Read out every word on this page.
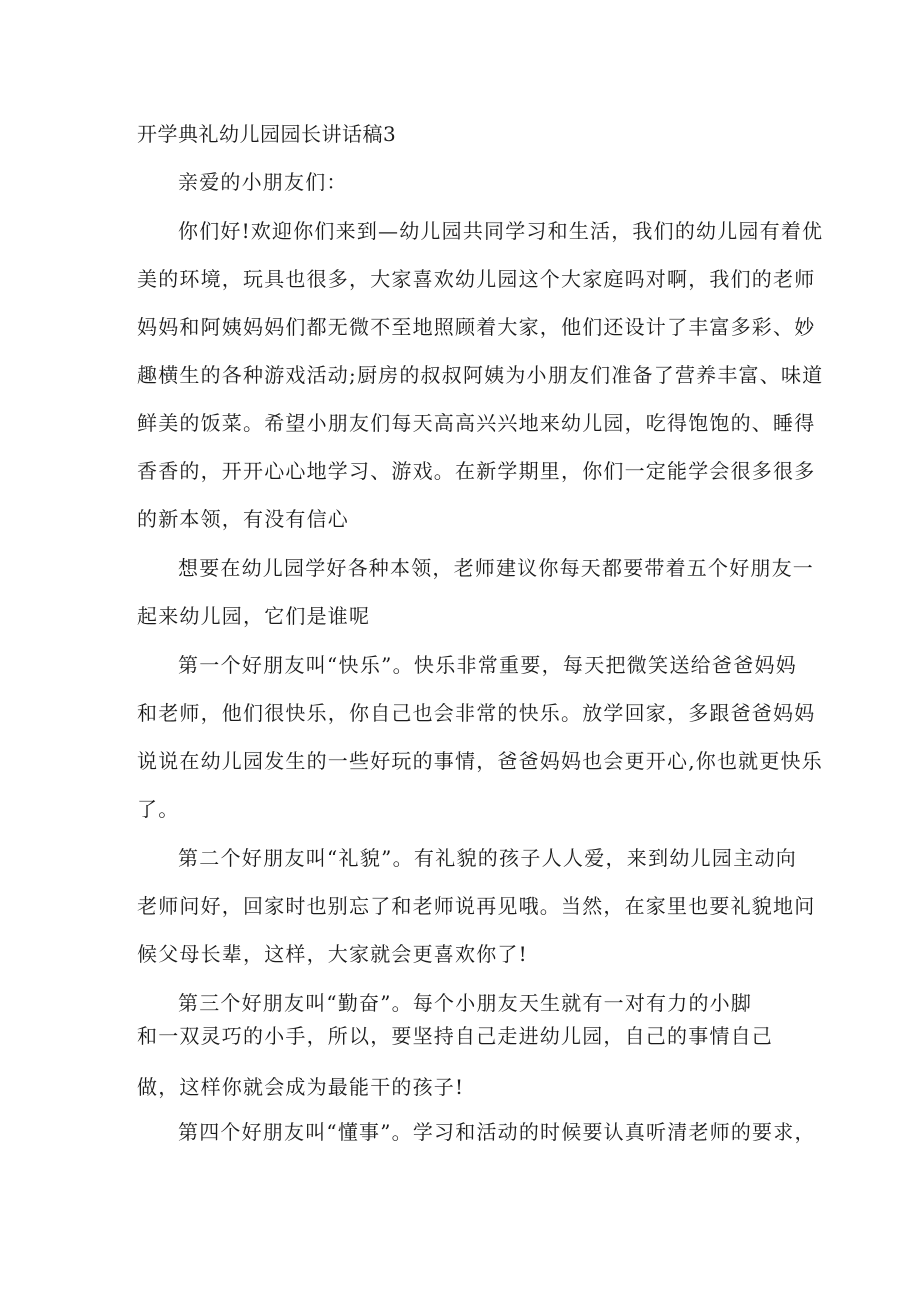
开学典礼幼儿园园长讲话稿3
亲爱的小朋友们：
你们好!欢迎你们来到—幼儿园共同学习和生活，我们的幼儿园有着优
美的环境，玩具也很多，大家喜欢幼儿园这个大家庭吗对啊，我们的老师
妈妈和阿姨妈妈们都无微不至地照顾着大家，他们还设计了丰富多彩、妙
趣横生的各种游戏活动;厨房的叔叔阿姨为小朋友们准备了营养丰富、味道
鲜美的饭菜。希望小朋友们每天高高兴兴地来幼儿园，吃得饱饱的、睡得
香香的，开开心心地学习、游戏。在新学期里，你们一定能学会很多很多
的新本领，有没有信心
想要在幼儿园学好各种本领，老师建议你每天都要带着五个好朋友一
起来幼儿园，它们是谁呢
第一个好朋友叫“快乐”。快乐非常重要，每天把微笑送给爸爸妈妈
和老师，他们很快乐，你自己也会非常的快乐。放学回家，多跟爸爸妈妈
说说在幼儿园发生的一些好玩的事情，爸爸妈妈也会更开心,你也就更快乐
了。
第二个好朋友叫“礼貌”。有礼貌的孩子人人爱，来到幼儿园主动向
老师问好，回家时也别忘了和老师说再见哦。当然，在家里也要礼貌地问
候父母长辈，这样，大家就会更喜欢你了!
第三个好朋友叫“勤奋”。每个小朋友天生就有一对有力的小脚
和一双灵巧的小手，所以，要坚持自己走进幼儿园，自己的事情自己
做，这样你就会成为最能干的孩子!
第四个好朋友叫“懂事”。学习和活动的时候要认真听清老师的要求，
